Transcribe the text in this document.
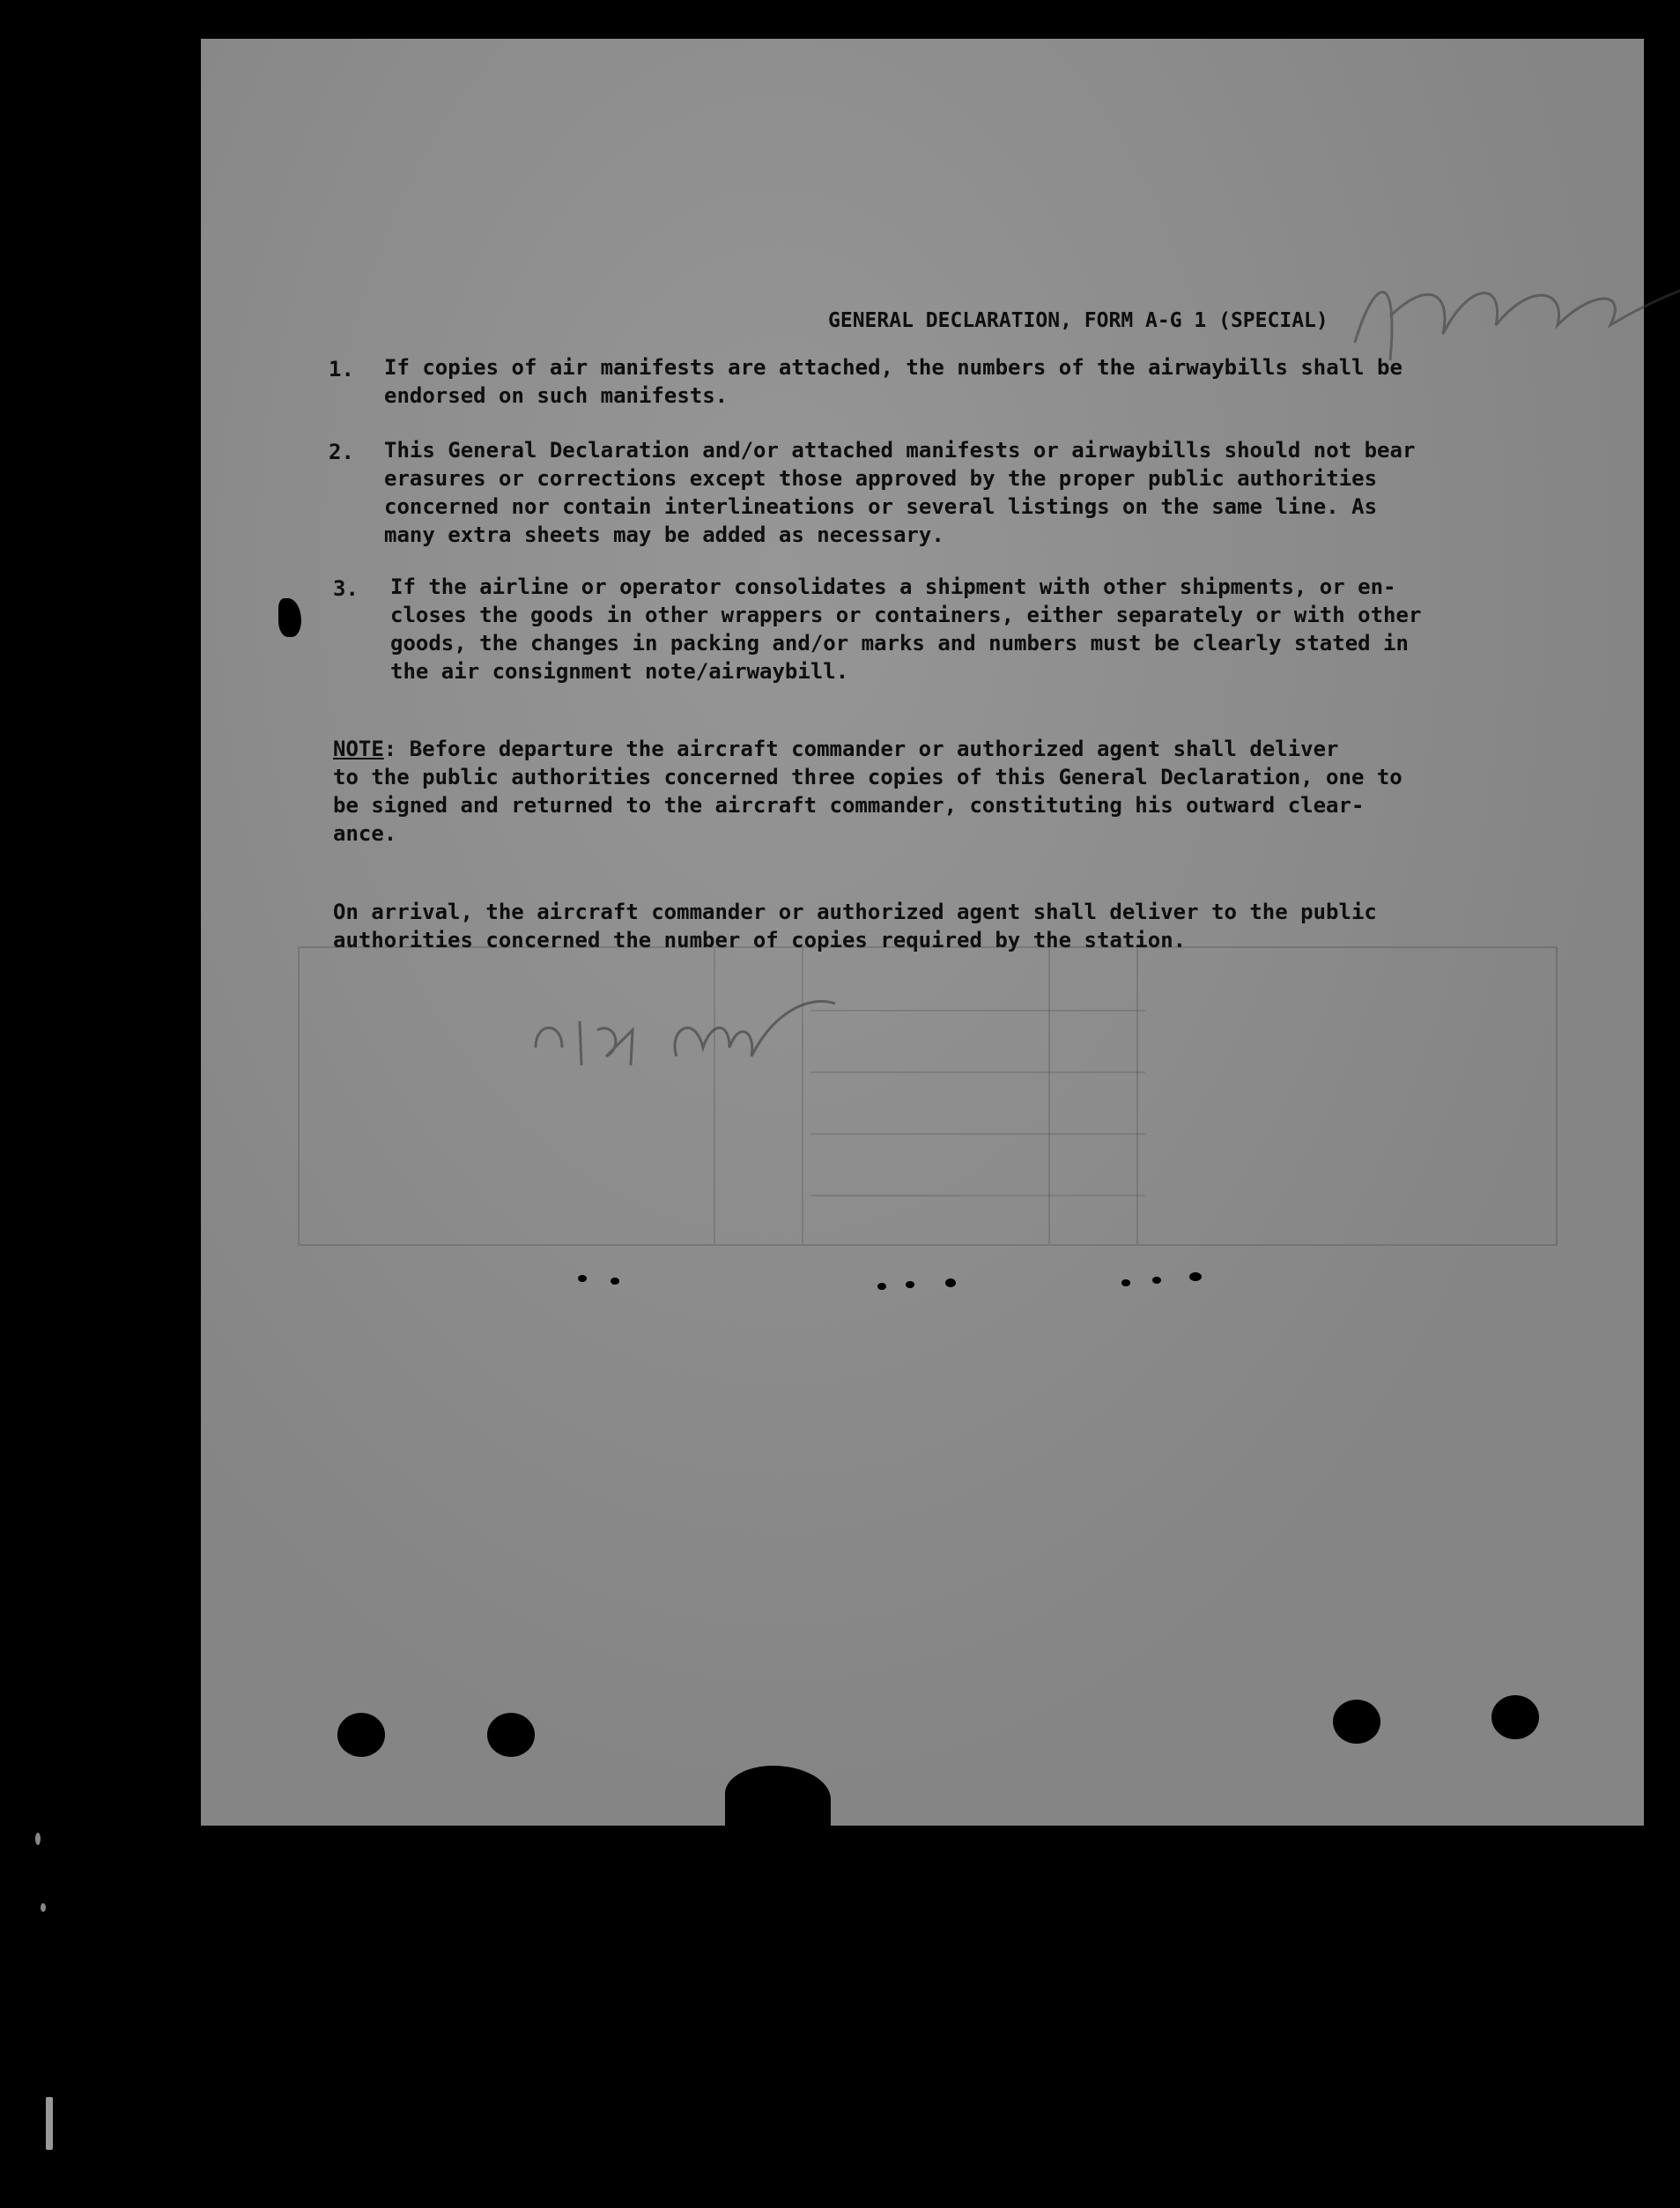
GENERAL DECLARATION, FORM A-G 1 (SPECIAL)
1. If copies of air manifests are attached, the numbers of the airwaybills shall be
endorsed on such manifests.
2. This General Declaration and/or attached manifests or airwaybills should not bear
erasures or corrections except those approved by the proper public authorities
concerned nor contain interlineations or several listings on the same line. As
many extra sheets may be added as necessary.
3. If the airline or operator consolidates a shipment with other shipments, or en-
closes the goods in other wrappers or containers, either separately or with other
goods, the changes in packing and/or marks and numbers must be clearly stated in
the air consignment note/airwaybill.
NOTE: Before departure the aircraft commander or authorized agent shall deliver
to the public authorities concerned three copies of this General Declaration, one to
be signed and returned to the aircraft commander, constituting his outward clear-
ance.
On arrival, the aircraft commander or authorized agent shall deliver to the public
authorities concerned the number of copies required by the station.
